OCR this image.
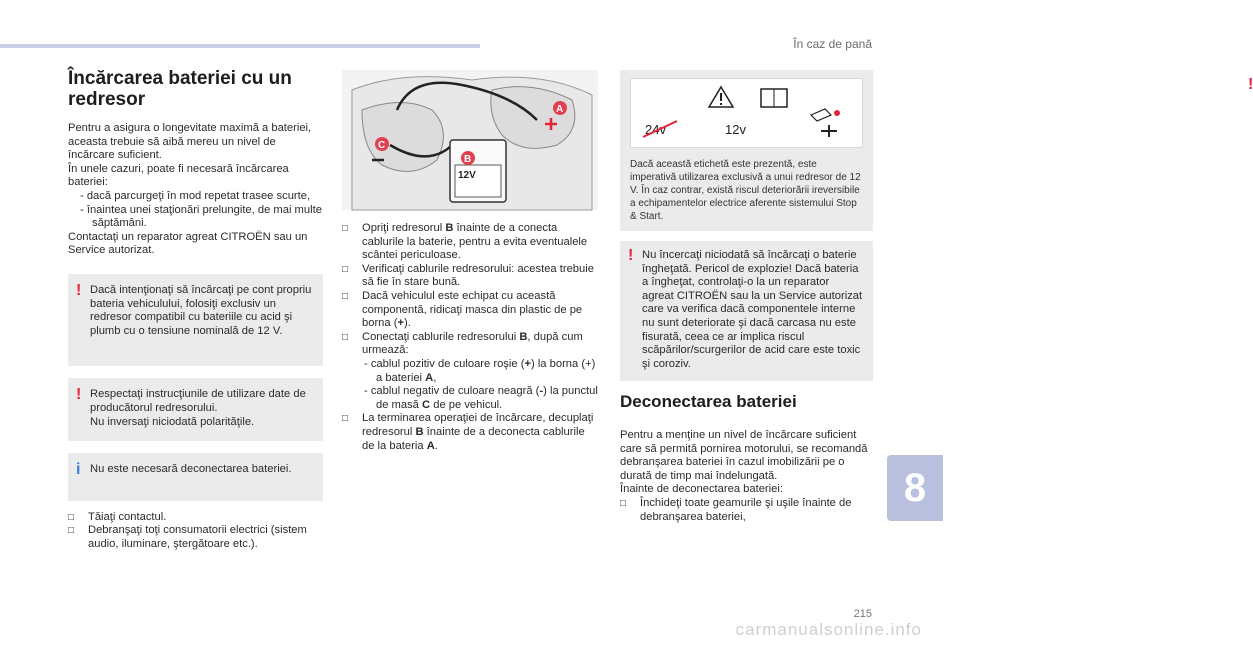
În caz de pană
Încărcarea bateriei cu un redresor

Pentru a asigura o longevitate maximă a bateriei, aceasta trebuie să aibă mereu un nivel de încărcare suficient.

În unele cazuri, poate fi necesară încărcarea bateriei:

- dacă parcurgeţi în mod repetat trasee scurte,

- înaintea unei staţionări prelungite, de mai multe săptămâni.

Contactaţi un reparator agreat CITROËN sau un Service autorizat.

! Dacă intenţionaţi să încărcaţi pe cont propriu bateria vehiculului, folosiţi exclusiv un redresor compatibil cu bateriile cu acid şi plumb cu o tensiune nominală de 12 V.

! Respectaţi instrucţiunile de utilizare date de producătorul redresorului.

Nu inversaţi niciodată polarităţile.

i Nu este necesară deconectarea bateriei.

□ Tăiaţi contactul.

□ Debranşaţi toţi consumatorii electrici (sistem audio, iluminare, ştergătoare etc.).

12V
A
B
C

□ Opriţi redresorul B înainte de a conecta cablurile la baterie, pentru a evita eventualele scântei periculoase.

□ Verificaţi cablurile redresorului: acestea trebuie să fie în stare bună.

□ Dacă vehiculul este echipat cu această componentă, ridicaţi masca din plastic de pe borna (+).

□ Conectaţi cablurile redresorului B, după cum urmează:

- cablul pozitiv de culoare roşie (+) la borna (+) a bateriei A,

- cablul negativ de culoare neagră (-) la punctul de masă C de pe vehicul.

□ La terminarea operaţiei de încărcare, decuplaţi redresorul B înainte de a deconecta cablurile de la bateria A.

!
24v	12v

Dacă această etichetă este prezentă, este imperativă utilizarea exclusivă a unui redresor de 12 V. În caz contrar, există riscul deteriorării ireversibile a echipamentelor electrice aferente sistemului Stop & Start.

! Nu încercaţi niciodată să încărcaţi o baterie îngheţată. Pericol de explozie! Dacă bateria a îngheţat, controlaţi-o la un reparator agreat CITROËN sau la un Service autorizat care va verifica dacă componentele interne nu sunt deteriorate şi dacă carcasa nu este fisurată, ceea ce ar implica riscul scăpărilor/scurgerilor de acid care este toxic şi coroziv.

Deconectarea bateriei

Pentru a menţine un nivel de încărcare suficient care să permită pornirea motorului, se recomandă debranşarea bateriei în cazul imobilizării pe o durată de timp mai îndelungată.

Înainte de deconectarea bateriei:

□ Închideţi toate geamurile şi uşile înainte de debranşarea bateriei,

8
215
carmanualsonline.info
